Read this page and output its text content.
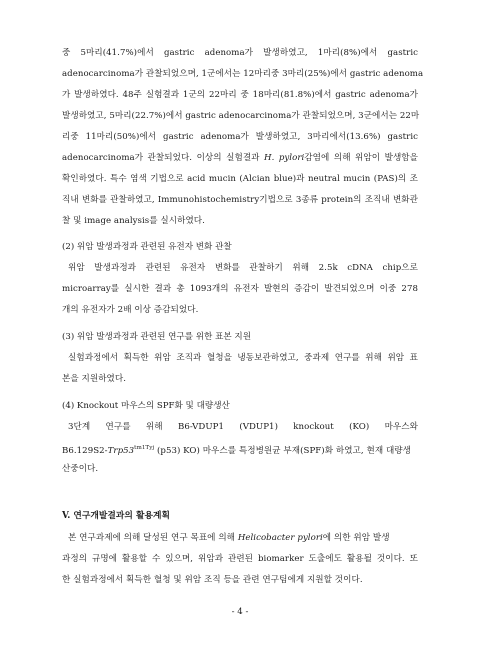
중 5마리(41.7%)에서 gastric adenoma가 발생하였고, 1마리(8%)에서 gastric
adenocarcinoma가 관찰되었으며, 1군에서는 12마리중 3마리(25%)에서 gastric adenoma
가 발생하였다. 48주 실험결과 1군의 22마리 중 18마리(81.8%)에서 gastric adenoma가
발생하였고, 5마리(22.7%)에서 gastric adenocarcinoma가 관찰되었으며, 3군에서는 22마
리중 11마리(50%)에서 gastric adenoma가 발생하였고, 3마리에서(13.6%) gastric
adenocarcinoma가 관찰되었다. 이상의 실험결과 H. pylori감염에 의해 위암이 발생함을
확인하였다. 특수 염색 기법으로 acid mucin (Alcian blue)과 neutral mucin (PAS)의 조
직내 변화를 관찰하였고, Immunohistochemistry기법으로 3종류 protein의 조직내 변화관
찰 및 image analysis를 실시하였다.
(2) 위암 발생과정과 관련된 유전자 변화 관찰
위암 발생과정과 관련된 유전자 변화를 관찰하기 위해 2.5k cDNA chip으로
microarray를 실시한 결과 총 1093개의 유전자 발현의 증감이 발견되었으며 이중 278
개의 유전자가 2배 이상 증감되었다.
(3) 위암 발생과정과 관련된 연구를 위한 표본 지원
실험과정에서 획득한 위암 조직과 혈청을 냉동보관하였고, 중과제 연구를 위해 위암 표
본을 지원하였다.
(4) Knockout 마우스의 SPF화 및 대량생산
3단계 연구를 위해 B6-VDUP1 (VDUP1) knockout (KO) 마우스와
$B6.129S2-Trp53^{tm1Tyj}$ (p53) KO) 마우스를 특정병원균 부재(SPF)화 하였고, 현재 대량생
산중이다.
V. 연구개발결과의 활용계획
본 연구과제에 의해 달성된 연구 목표에 의해 Helicobacter pylori에 의한 위암 발생
과정의 규명에 활용할 수 있으며, 위암과 관련된 biomarker 도출에도 활용될 것이다. 또
한 실험과정에서 획득한 혈청 및 위암 조직 등을 관련 연구팀에게 지원할 것이다.
- 4 -
